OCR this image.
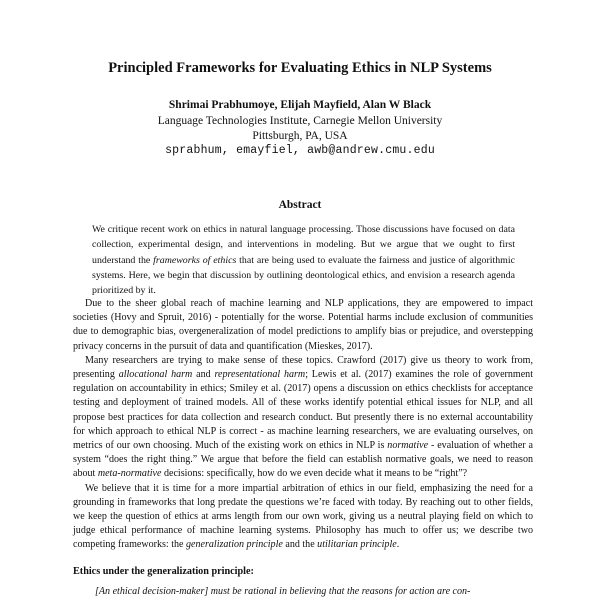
Principled Frameworks for Evaluating Ethics in NLP Systems
Shrimai Prabhumoye, Elijah Mayfield, Alan W Black
Language Technologies Institute, Carnegie Mellon University
Pittsburgh, PA, USA
sprabhum, emayfiel, awb@andrew.cmu.edu
Abstract

We critique recent work on ethics in natural language processing. Those discussions have focused on data collection, experimental design, and interventions in modeling. But we argue that we ought to first understand the frameworks of ethics that are being used to evaluate the fairness and justice of algorithmic systems. Here, we begin that discussion by outlining deontological ethics, and envision a research agenda prioritized by it.

Due to the sheer global reach of machine learning and NLP applications, they are empowered to impact societies (Hovy and Spruit, 2016) - potentially for the worse. Potential harms include exclusion of communities due to demographic bias, overgeneralization of model predictions to amplify bias or prejudice, and overstepping privacy concerns in the pursuit of data and quantification (Mieskes, 2017).

Many researchers are trying to make sense of these topics. Crawford (2017) give us theory to work from, presenting allocational harm and representational harm; Lewis et al. (2017) examines the role of government regulation on accountability in ethics; Smiley et al. (2017) opens a discussion on ethics checklists for acceptance testing and deployment of trained models. All of these works identify potential ethical issues for NLP, and all propose best practices for data collection and research conduct. But presently there is no external accountability for which approach to ethical NLP is correct - as machine learning researchers, we are evaluating ourselves, on metrics of our own choosing. Much of the existing work on ethics in NLP is normative - evaluation of whether a system “does the right thing.” We argue that before the field can establish normative goals, we need to reason about meta-normative decisions: specifically, how do we even decide what it means to be “right”?

We believe that it is time for a more impartial arbitration of ethics in our field, emphasizing the need for a grounding in frameworks that long predate the questions we’re faced with today. By reaching out to other fields, we keep the question of ethics at arms length from our own work, giving us a neutral playing field on which to judge ethical performance of machine learning systems. Philosophy has much to offer us; we describe two competing frameworks: the generalization principle and the utilitarian principle.

Ethics under the generalization principle:
[An ethical decision-maker] must be rational in believing that the reasons for action are con-
